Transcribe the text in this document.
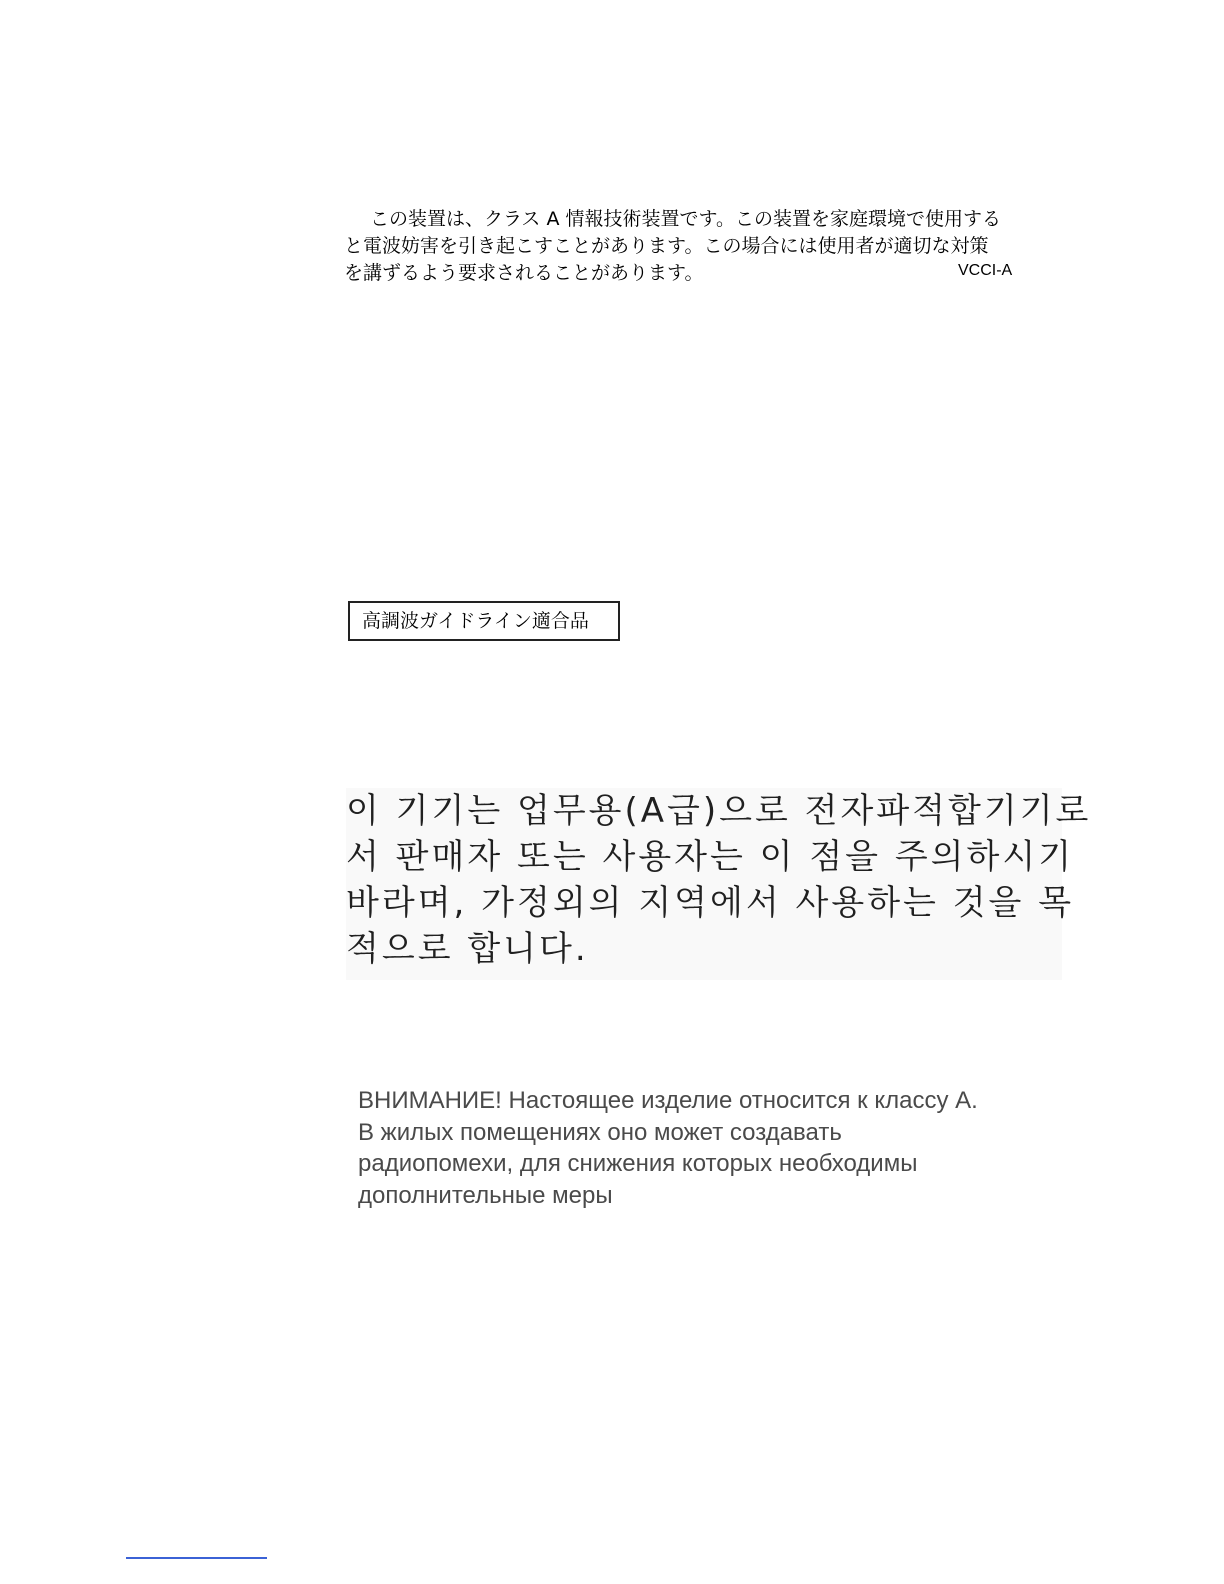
この装置は、クラス A 情報技術装置です。この装置を家庭環境で使用する
と電波妨害を引き起こすことがあります。この場合には使用者が適切な対策
を講ずるよう要求されることがあります。	VCCI-A
高調波ガイドライン適合品
이 기기는 업무용(A급)으로 전자파적합기기로
서 판매자 또는 사용자는 이 점을 주의하시기
바라며, 가정외의 지역에서 사용하는 것을 목
적으로 합니다.
ВНИМАНИЕ! Настоящее изделие относится к классу А.
В жилых помещениях оно может создавать
радиопомехи, для снижения которых необходимы
дополнительные меры
